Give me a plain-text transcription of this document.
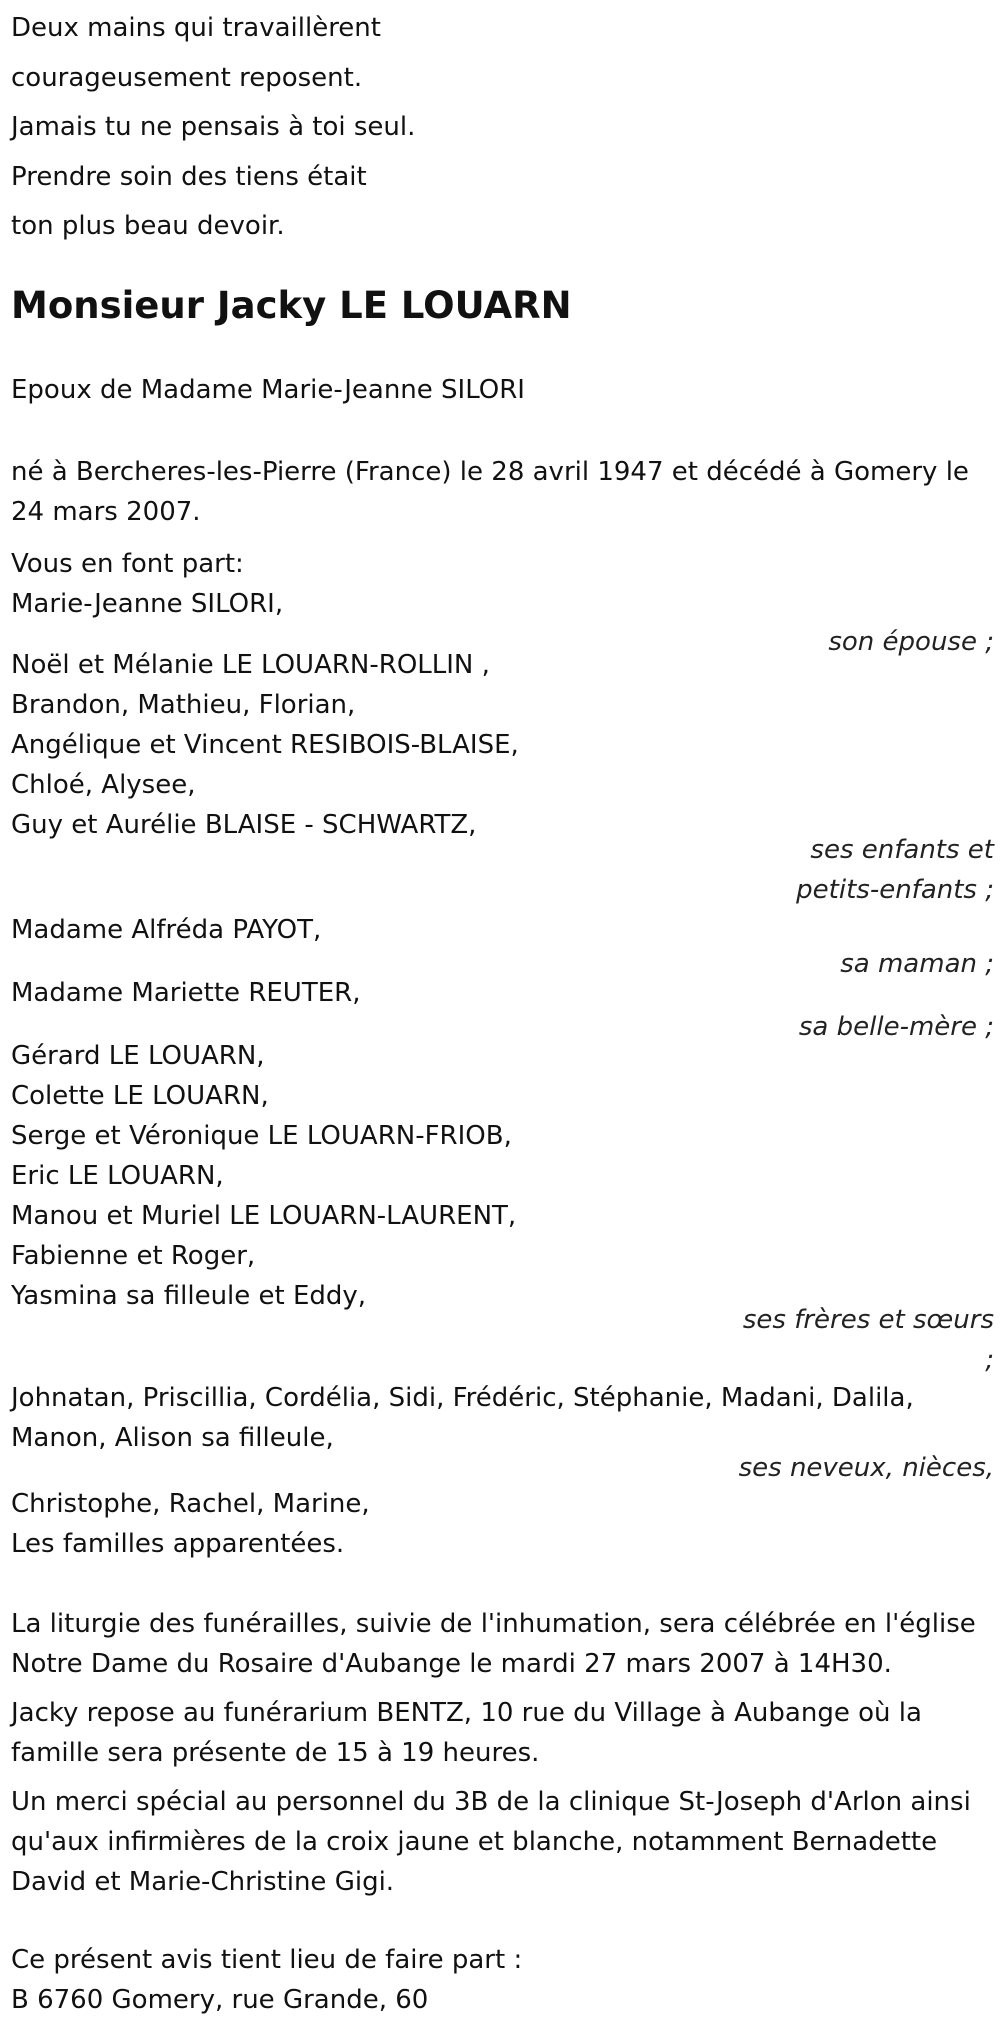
Deux mains qui travaillèrent
courageusement reposent.
Jamais tu ne pensais à toi seul.
Prendre soin des tiens était
ton plus beau devoir.
Monsieur Jacky LE LOUARN
Epoux de Madame Marie-Jeanne SILORI
né à Bercheres-les-Pierre (France) le 28 avril 1947 et décédé à Gomery le
24 mars 2007.
Vous en font part:
Marie-Jeanne SILORI,
son épouse ;
Noël et Mélanie LE LOUARN-ROLLIN ,
Brandon, Mathieu, Florian,
Angélique et Vincent RESIBOIS-BLAISE,
Chloé, Alysee,
Guy et Aurélie BLAISE - SCHWARTZ,
ses enfants et
petits-enfants ;
Madame Alfréda PAYOT,
sa maman ;
Madame Mariette REUTER,
sa belle-mère ;
Gérard LE LOUARN,
Colette LE LOUARN,
Serge et Véronique LE LOUARN-FRIOB,
Eric LE LOUARN,
Manou et Muriel LE LOUARN-LAURENT,
Fabienne et Roger,
Yasmina sa filleule et Eddy,
ses frères et sœurs
;
Johnatan, Priscillia, Cordélia, Sidi, Frédéric, Stéphanie, Madani, Dalila,
Manon, Alison sa filleule,
ses neveux, nièces,
Christophe, Rachel, Marine,
Les familles apparentées.
La liturgie des funérailles, suivie de l'inhumation, sera célébrée en l'église
Notre Dame du Rosaire d'Aubange le mardi 27 mars 2007 à 14H30.
Jacky repose au funérarium BENTZ, 10 rue du Village à Aubange où la
famille sera présente de 15 à 19 heures.
Un merci spécial au personnel du 3B de la clinique St-Joseph d'Arlon ainsi
qu'aux infirmières de la croix jaune et blanche, notamment Bernadette
David et Marie-Christine Gigi.
Ce présent avis tient lieu de faire part :
B 6760 Gomery, rue Grande, 60
